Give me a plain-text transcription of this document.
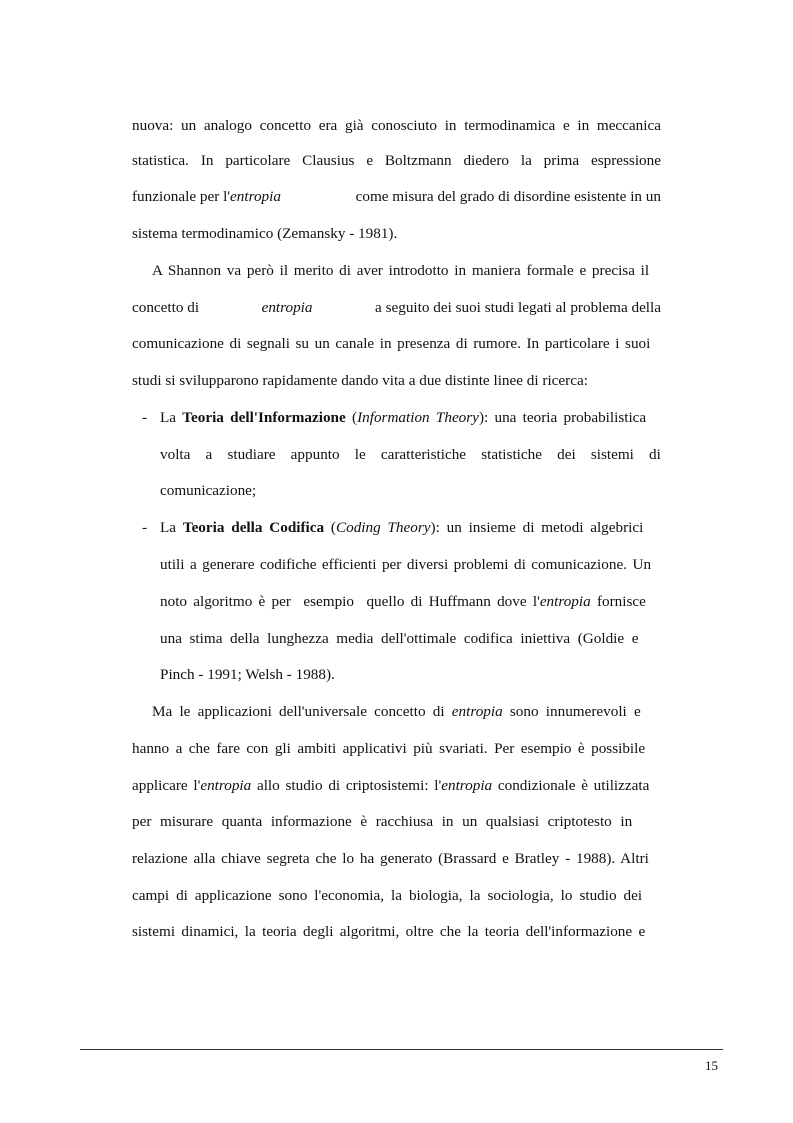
nuova: un analogo concetto era già conosciuto in termodinamica e in meccanica
statistica. In particolare Clausius e Boltzmann diedero la prima espressione
funzionale per l'entropia	come misura del grado di disordine esistente in un
sistema termodinamico (Zemansky - 1981).
A Shannon va però il merito di aver introdotto in maniera formale e precisa il
concetto di	entropia	a seguito dei suoi studi legati al problema della
comunicazione di segnali su un canale in presenza di rumore. In particolare i suoi
studi si svilupparono rapidamente dando vita a due distinte linee di ricerca:
- La Teoria dell'Informazione (Information Theory): una teoria probabilistica
volta a studiare appunto le caratteristiche statistiche dei sistemi di
comunicazione;
- La Teoria della Codifica (Coding Theory): un insieme di metodi algebrici
utili a generare codifiche efficienti per diversi problemi di comunicazione. Un
noto algoritmo è per  esempio  quello di Huffmann dove l'entropia fornisce
una stima della lunghezza media dell'ottimale codifica iniettiva (Goldie e
Pinch - 1991; Welsh - 1988).
Ma le applicazioni dell'universale concetto di entropia sono innumerevoli e
hanno a che fare con gli ambiti applicativi più svariati. Per esempio è possibile
applicare l'entropia allo studio di criptosistemi: l'entropia condizionale è utilizzata
per misurare quanta informazione è racchiusa in un qualsiasi criptotesto in
relazione alla chiave segreta che lo ha generato (Brassard e Bratley - 1988). Altri
campi di applicazione sono l'economia, la biologia, la sociologia, lo studio dei
sistemi dinamici, la teoria degli algoritmi, oltre che la teoria dell'informazione e
15
